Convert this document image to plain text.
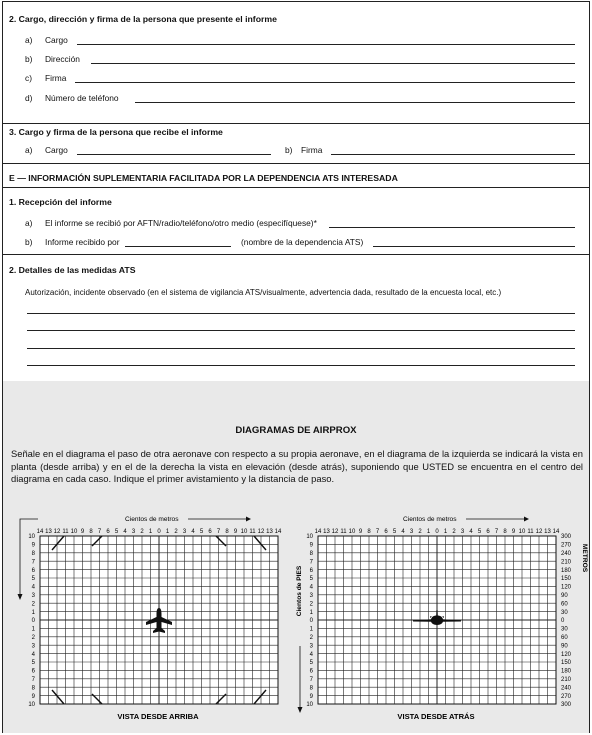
2. Cargo, dirección y firma de la persona que presente el informe
a) Cargo
b) Dirección
c) Firma
d) Número de teléfono
3. Cargo y firma de la persona que recibe el informe
a) Cargo	b) Firma
E — INFORMACIÓN SUPLEMENTARIA FACILITADA POR LA DEPENDENCIA ATS INTERESADA
1. Recepción del informe
a) El informe se recibió por AFTN/radio/teléfono/otro medio (especifíquese)*
b) Informe recibido por	(nombre de la dependencia ATS)
2. Detalles de las medidas ATS
Autorización, incidente observado (en el sistema de vigilancia ATS/visualmente, advertencia dada, resultado de la encuesta local, etc.)
DIAGRAMAS DE AIRPROX
Señale en el diagrama el paso de otra aeronave con respecto a su propia aeronave, en el diagrama de la izquierda se indicará la vista en planta (desde arriba) y en el de la derecha la vista en elevación (desde atrás), suponiendo que USTED se encuentra en el centro del diagrama en cada caso. Indique el primer avistamiento y la distancia de paso.
14 13 12 11 10 9 8 7 6 5 4 3 2 1 0 1 2 3 4 5 6 7 8 9 10 11 12 13 14
10
9
8
7
6
5
4
3
2
1
0
1
2
3
4
5
6
7
8
9
10
Cientos de metros
14 13 12 11 10 9 8 7 6 5 4 3 2 1 0 1 2 3 4 5 6 7 8 9 10 11 12 13 14
10
9
8
7
6
5
4
3
2
1
0
1
2
3
4
5
6
7
8
9
10
Cientos de metros
Cientos de PIES
300
270
240
210
180
150
120
90
60
30
0
30
60
90
120
150
180
210
240
270
300
METROS
VISTA DESDE ARRIBA	VISTA DESDE ATRÁS
